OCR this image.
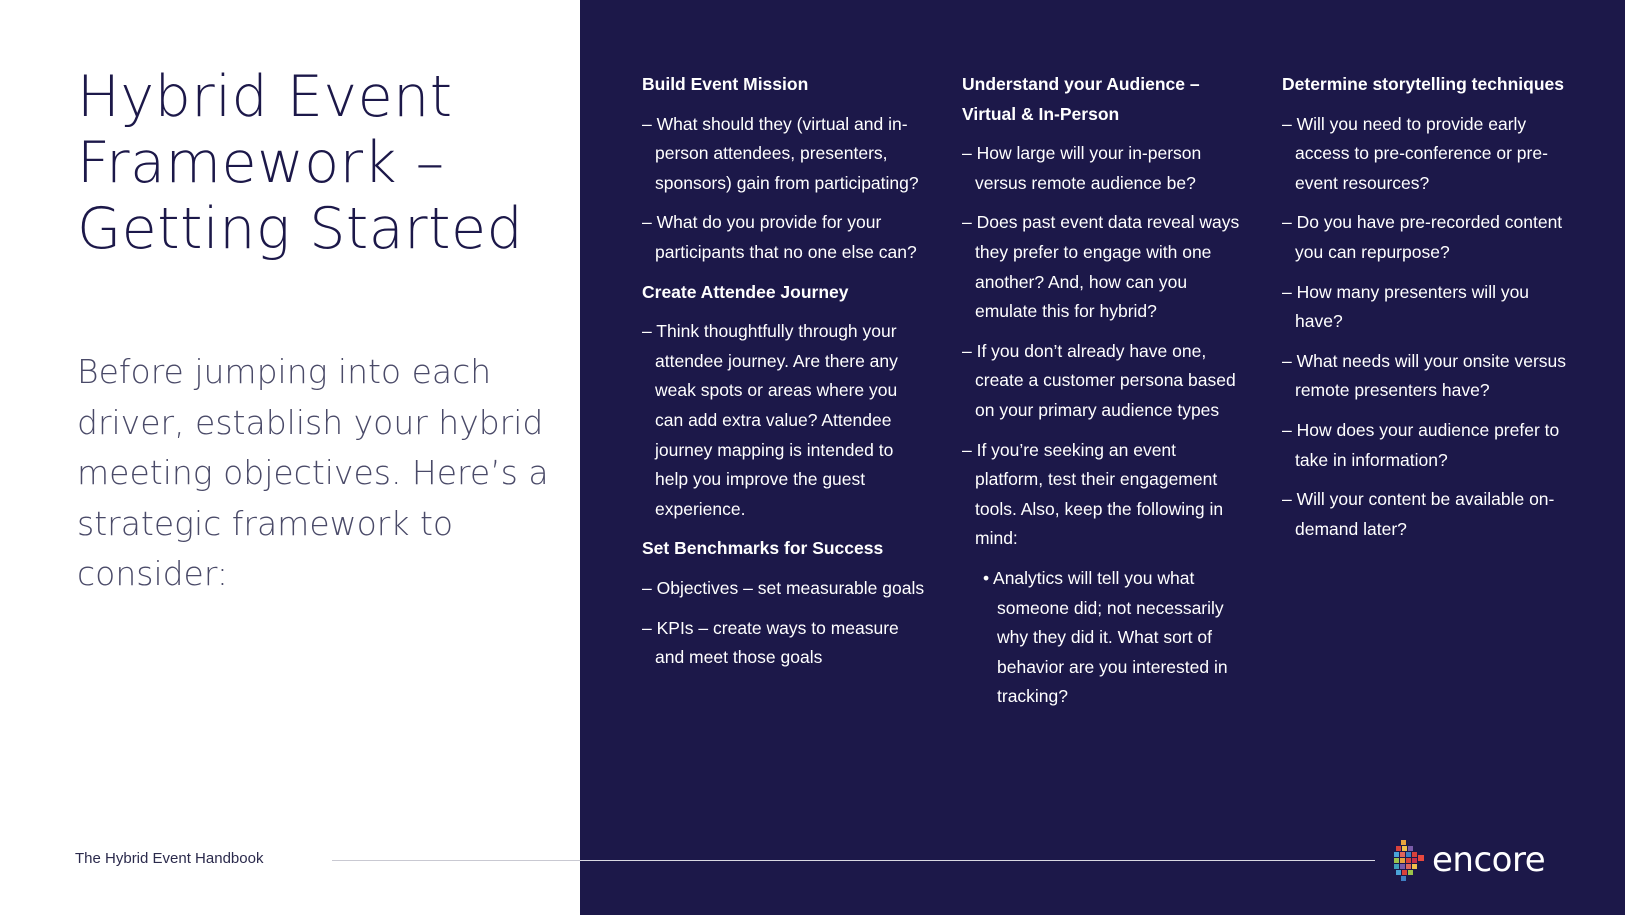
Hybrid Event Framework – Getting Started
Before jumping into each driver, establish your hybrid meeting objectives. Here’s a strategic framework to consider:
Build Event Mission
– What should they (virtual and in-person attendees, presenters, sponsors) gain from participating?
– What do you provide for your participants that no one else can?
Create Attendee Journey
– Think thoughtfully through your attendee journey. Are there any weak spots or areas where you can add extra value? Attendee journey mapping is intended to help you improve the guest experience.
Set Benchmarks for Success
– Objectives – set measurable goals
– KPIs – create ways to measure and meet those goals
Understand your Audience – Virtual & In-Person
– How large will your in-person versus remote audience be?
– Does past event data reveal ways they prefer to engage with one another? And, how can you emulate this for hybrid?
– If you don’t already have one, create a customer persona based on your primary audience types
– If you’re seeking an event platform, test their engagement tools. Also, keep the following in mind:
• Analytics will tell you what someone did; not necessarily why they did it. What sort of behavior are you interested in tracking?
Determine storytelling techniques
– Will you need to provide early access to pre-conference or pre-event resources?
– Do you have pre-recorded content you can repurpose?
– How many presenters will you have?
– What needs will your onsite versus remote presenters have?
– How does your audience prefer to take in information?
– Will your content be available on-demand later?
The Hybrid Event Handbook	encore
